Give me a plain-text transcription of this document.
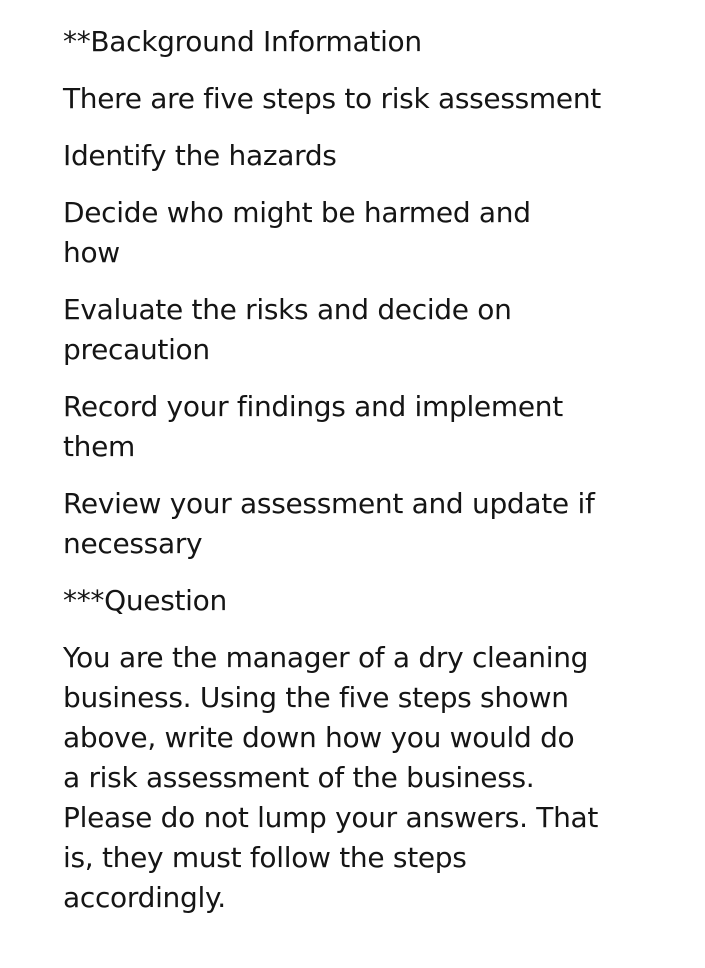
**Background Information

There are five steps to risk assessment

Identify the hazards

Decide who might be harmed and
how

Evaluate the risks and decide on
precaution

Record your findings and implement
them

Review your assessment and update if
necessary

***Question

You are the manager of a dry cleaning
business. Using the five steps shown
above, write down how you would do
a risk assessment of the business.
Please do not lump your answers. That
is, they must follow the steps
accordingly.
